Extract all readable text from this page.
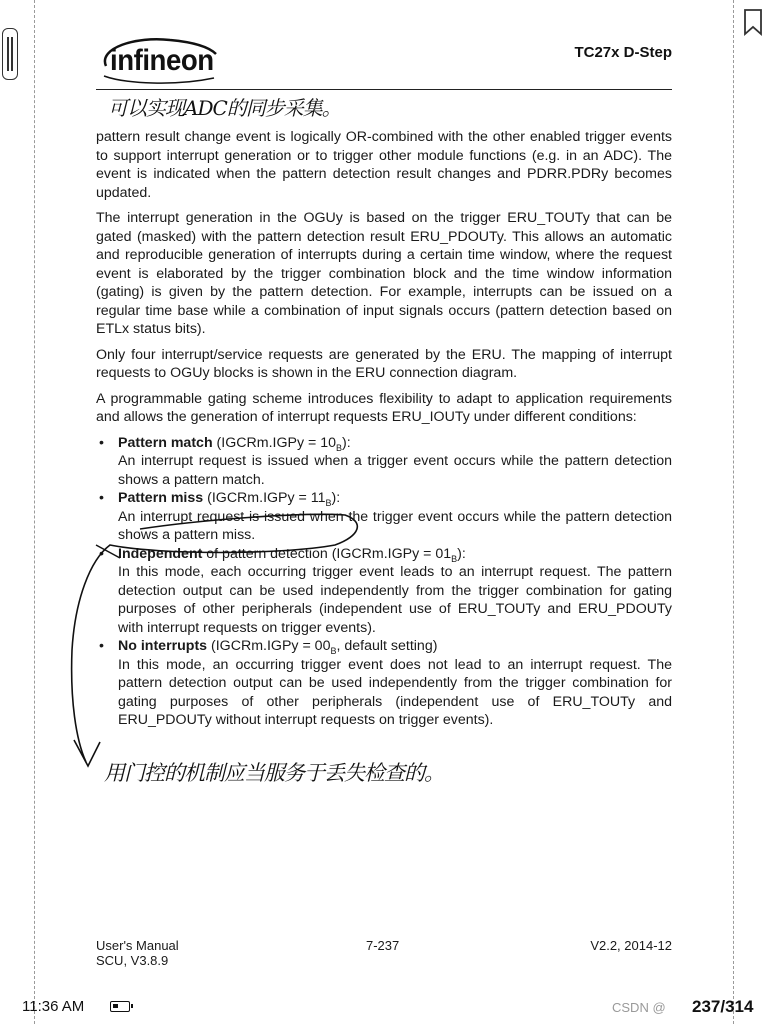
infineon	TC27x D-Step
可以实现ADC的同步采集。

pattern result change event is logically OR-combined with the other enabled trigger events to support interrupt generation or to trigger other module functions (e.g. in an ADC). The event is indicated when the pattern detection result changes and PDRR.PDRy becomes updated.

The interrupt generation in the OGUy is based on the trigger ERU_TOUTy that can be gated (masked) with the pattern detection result ERU_PDOUTy. This allows an automatic and reproducible generation of interrupts during a certain time window, where the request event is elaborated by the trigger combination block and the time window information (gating) is given by the pattern detection. For example, interrupts can be issued on a regular time base while a combination of input signals occurs (pattern detection based on ETLx status bits).

Only four interrupt/service requests are generated by the ERU. The mapping of interrupt requests to OGUy blocks is shown in the ERU connection diagram.

A programmable gating scheme introduces flexibility to adapt to application requirements and allows the generation of interrupt requests ERU_IOUTy under different conditions:

• Pattern match (IGCRm.IGPy = $10_B$):
An interrupt request is issued when a trigger event occurs while the pattern detection shows a pattern match.
• Pattern miss (IGCRm.IGPy = $11_B$):
An interrupt request is issued when the trigger event occurs while the pattern detection shows a pattern miss.
• Independent of pattern detection (IGCRm.IGPy = $01_B$):
In this mode, each occurring trigger event leads to an interrupt request. The pattern detection output can be used independently from the trigger combination for gating purposes of other peripherals (independent use of ERU_TOUTy and ERU_PDOUTy with interrupt requests on trigger events).
• No interrupts (IGCRm.IGPy = $00_B$, default setting)
In this mode, an occurring trigger event does not lead to an interrupt request. The pattern detection output can be used independently from the trigger combination for gating purposes of other peripherals (independent use of ERU_TOUTy and ERU_PDOUTy without interrupt requests on trigger events).
用门控的机制应当服务于丢失检查的。
User's Manual
SCU, V3.8.9
7-237	V2.2, 2014-12
11:36 AM	CSDN @ 237/314
